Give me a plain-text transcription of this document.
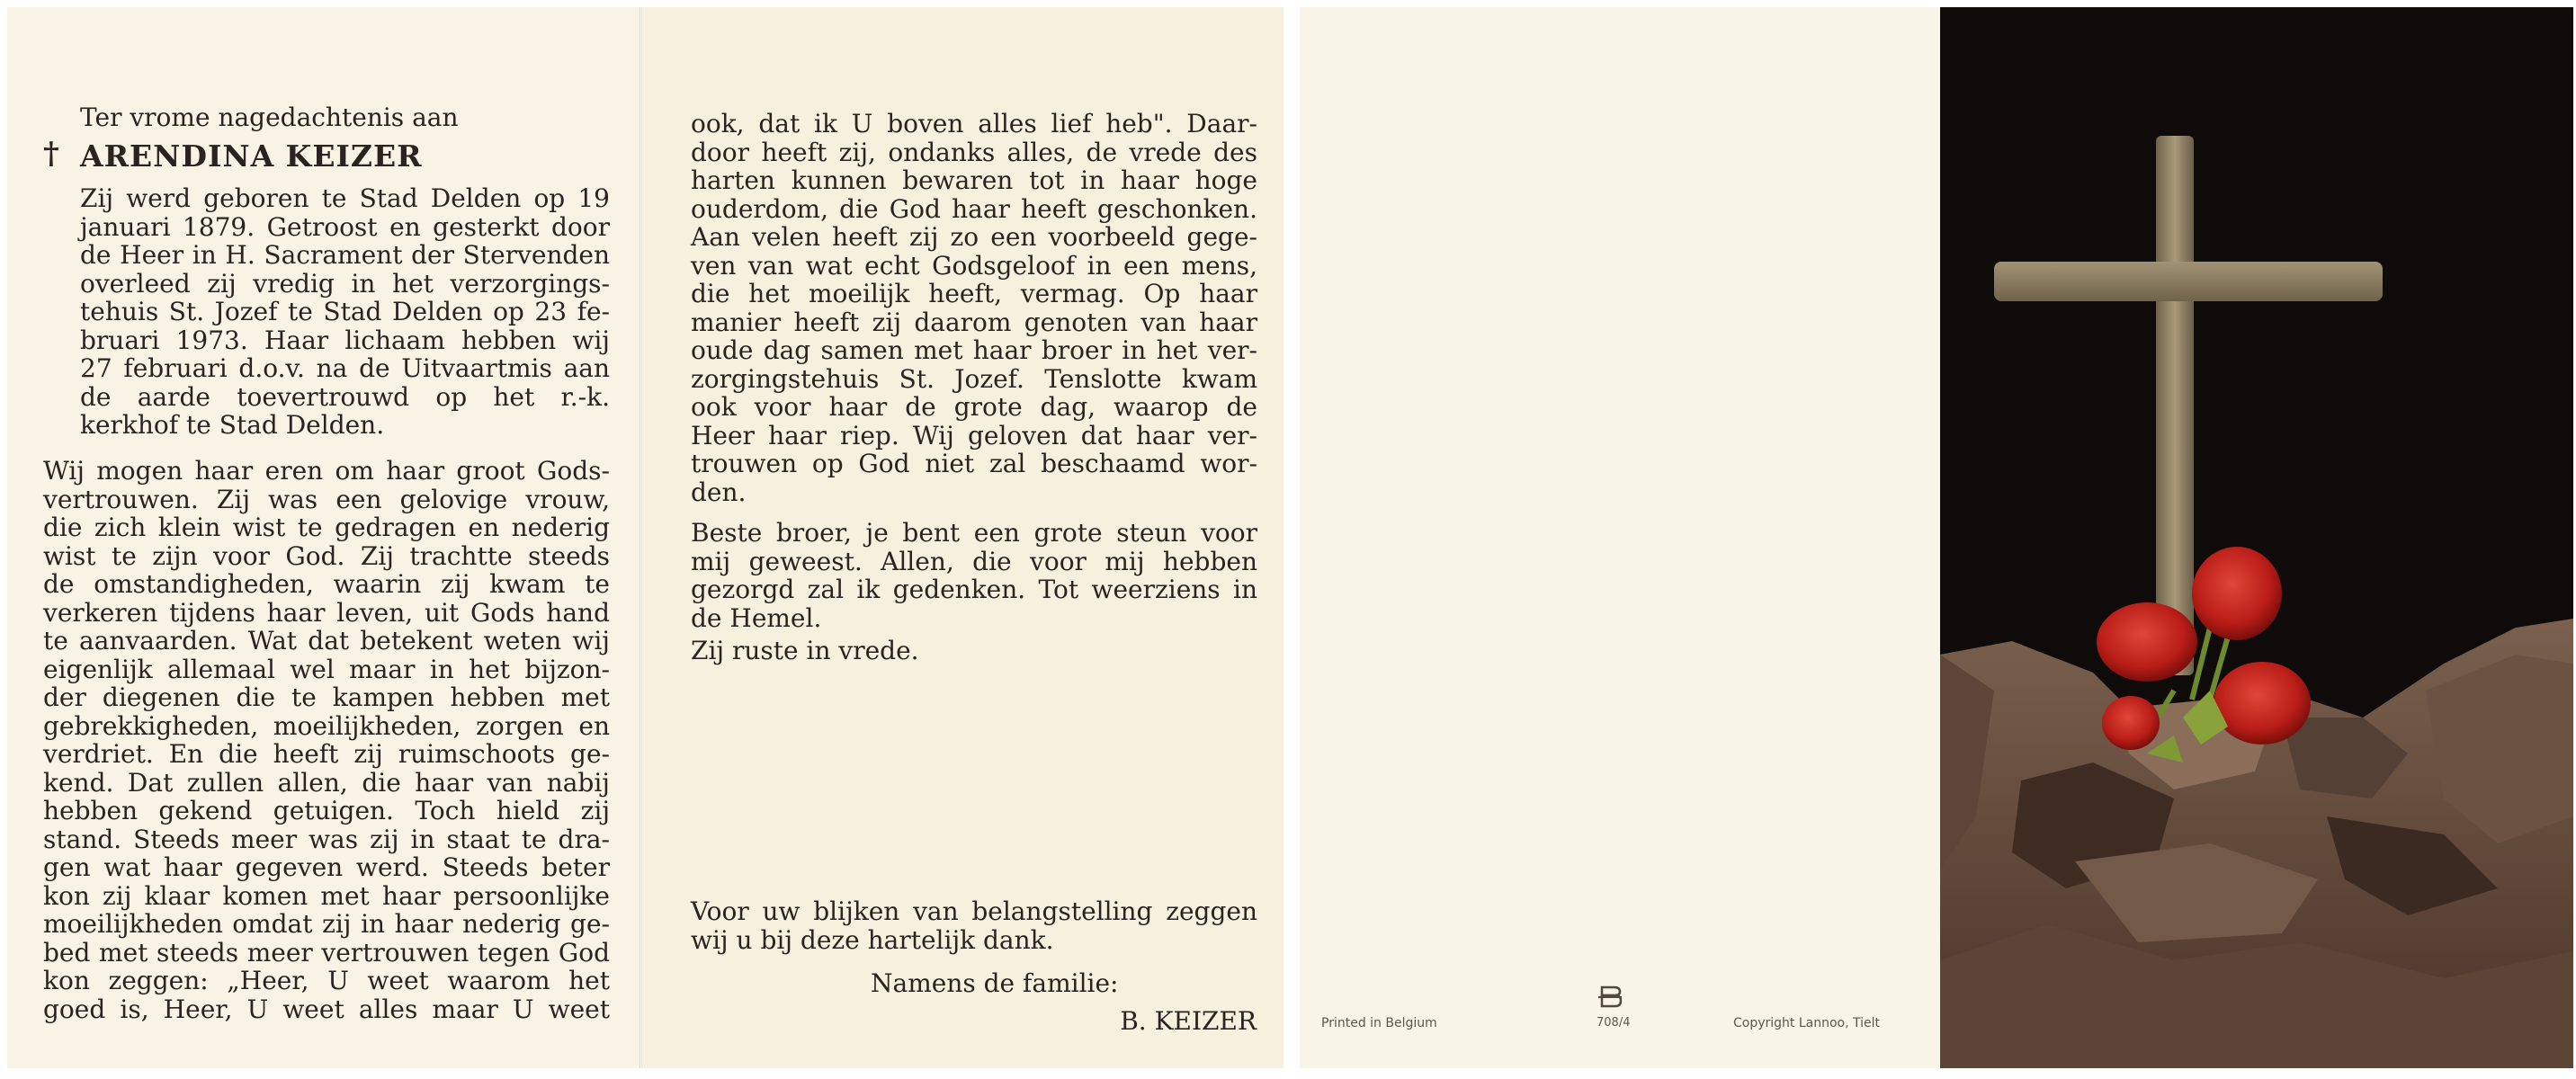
Ter vrome nagedachtenis aan
† ARENDINA KEIZER
Zij werd geboren te Stad Delden op 19
januari 1879. Getroost en gesterkt door
de Heer in H. Sacrament der Stervenden
overleed zij vredig in het verzorgings-
tehuis St. Jozef te Stad Delden op 23 fe-
bruari 1973. Haar lichaam hebben wij
27 februari d.o.v. na de Uitvaartmis aan
de aarde toevertrouwd op het r.-k.
kerkhof te Stad Delden.
Wij mogen haar eren om haar groot Gods-
vertrouwen. Zij was een gelovige vrouw,
die zich klein wist te gedragen en nederig
wist te zijn voor God. Zij trachtte steeds
de omstandigheden, waarin zij kwam te
verkeren tijdens haar leven, uit Gods hand
te aanvaarden. Wat dat betekent weten wij
eigenlijk allemaal wel maar in het bijzon-
der diegenen die te kampen hebben met
gebrekkigheden, moeilijkheden, zorgen en
verdriet. En die heeft zij ruimschoots ge-
kend. Dat zullen allen, die haar van nabij
hebben gekend getuigen. Toch hield zij
stand. Steeds meer was zij in staat te dra-
gen wat haar gegeven werd. Steeds beter
kon zij klaar komen met haar persoonlijke
moeilijkheden omdat zij in haar nederig ge-
bed met steeds meer vertrouwen tegen God
kon zeggen: „Heer, U weet waarom het
goed is, Heer, U weet alles maar U weet
ook, dat ik U boven alles lief heb". Daar-
door heeft zij, ondanks alles, de vrede des
harten kunnen bewaren tot in haar hoge
ouderdom, die God haar heeft geschonken.
Aan velen heeft zij zo een voorbeeld gege-
ven van wat echt Godsgeloof in een mens,
die het moeilijk heeft, vermag. Op haar
manier heeft zij daarom genoten van haar
oude dag samen met haar broer in het ver-
zorgingstehuis St. Jozef. Tenslotte kwam
ook voor haar de grote dag, waarop de
Heer haar riep. Wij geloven dat haar ver-
trouwen op God niet zal beschaamd wor-
den.
Beste broer, je bent een grote steun voor
mij geweest. Allen, die voor mij hebben
gezorgd zal ik gedenken. Tot weerziens in
de Hemel.
Zij ruste in vrede.
Voor uw blijken van belangstelling zeggen
wij u bij deze hartelijk dank.
Namens de familie:
B. KEIZER	Printed in Belgium	708/4	Copyright Lannoo, Tielt
